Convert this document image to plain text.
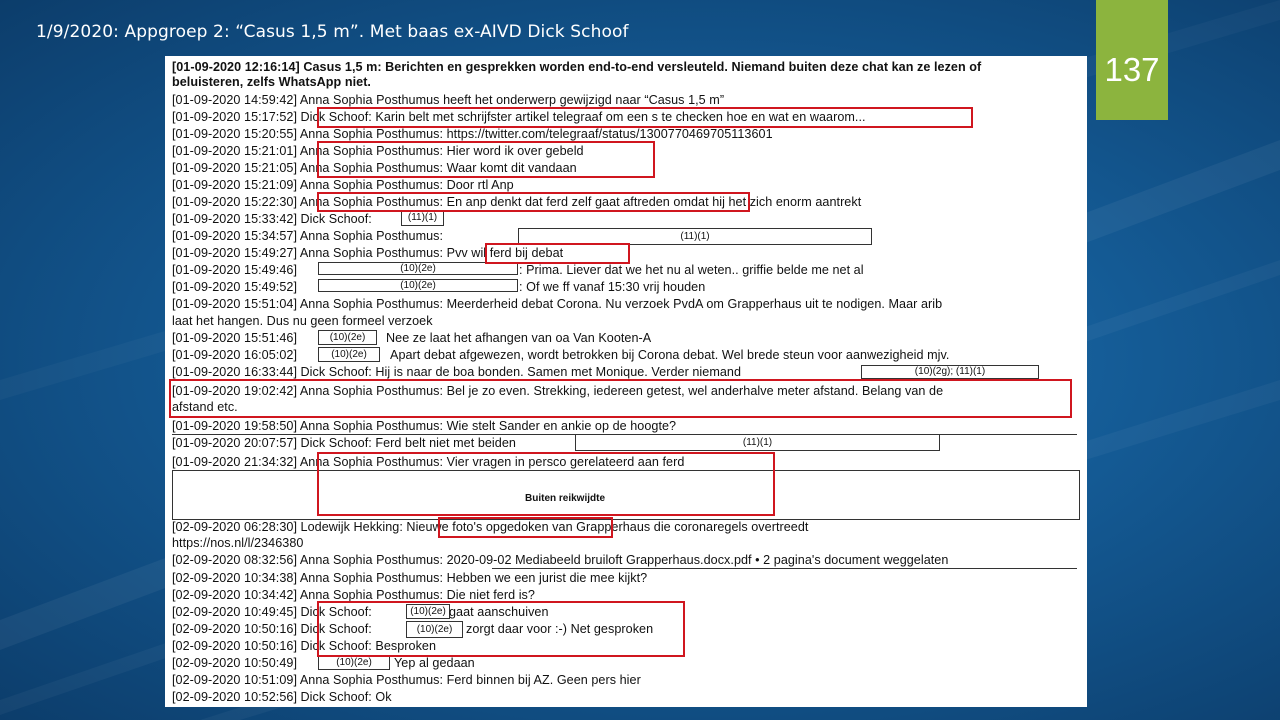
1/9/2020: Appgroep 2: “Casus 1,5 m”. Met baas ex-AIVD Dick Schoof
137
[01-09-2020 12:16:14] Casus 1,5 m: Berichten en gesprekken worden end-to-end versleuteld. Niemand buiten deze chat kan ze lezen of
beluisteren, zelfs WhatsApp niet.
[01-09-2020 14:59:42] Anna Sophia Posthumus heeft het onderwerp gewijzigd naar “Casus 1,5 m”
[01-09-2020 15:17:52] Dick Schoof: Karin belt met schrijfster artikel telegraaf om een s te checken hoe en wat en waarom...
[01-09-2020 15:20:55] Anna Sophia Posthumus: https://twitter.com/telegraaf/status/1300770469705113601
[01-09-2020 15:21:01] Anna Sophia Posthumus: Hier word ik over gebeld
[01-09-2020 15:21:05] Anna Sophia Posthumus: Waar komt dit vandaan
[01-09-2020 15:21:09] Anna Sophia Posthumus: Door rtl Anp
[01-09-2020 15:22:30] Anna Sophia Posthumus: En anp denkt dat ferd zelf gaat aftreden omdat hij het zich enorm aantrekt
[01-09-2020 15:33:42] Dick Schoof:	(11)(1)
[01-09-2020 15:34:57] Anna Sophia Posthumus:	(11)(1)
[01-09-2020 15:49:27] Anna Sophia Posthumus: Pvv wil ferd bij debat
[01-09-2020 15:49:46]	(10)(2e)	: Prima. Liever dat we het nu al weten.. griffie belde me net al
[01-09-2020 15:49:52]	(10)(2e)	: Of we ff vanaf 15:30 vrij houden
[01-09-2020 15:51:04] Anna Sophia Posthumus: Meerderheid debat Corona. Nu verzoek PvdA om Grapperhaus uit te nodigen. Maar arib
laat het hangen. Dus nu geen formeel verzoek
[01-09-2020 15:51:46]	(10)(2e)	Nee ze laat het afhangen van oa Van Kooten-A
[01-09-2020 16:05:02]	(10)(2e)	Apart debat afgewezen, wordt betrokken bij Corona debat. Wel brede steun voor aanwezigheid mjv.
[01-09-2020 16:33:44] Dick Schoof: Hij is naar de boa bonden. Samen met Monique. Verder niemand	(10)(2g); (11)(1)
[01-09-2020 19:02:42] Anna Sophia Posthumus: Bel je zo even. Strekking, iedereen getest, wel anderhalve meter afstand. Belang van de
afstand etc.
[01-09-2020 19:58:50] Anna Sophia Posthumus: Wie stelt Sander en ankie op de hoogte?
[01-09-2020 20:07:57] Dick Schoof: Ferd belt niet met beiden	(11)(1)
[01-09-2020 21:34:32] Anna Sophia Posthumus: Vier vragen in persco gerelateerd aan ferd
Buiten reikwijdte
[02-09-2020 06:28:30] Lodewijk Hekking: Nieuwe foto's opgedoken van Grapperhaus die coronaregels overtreedt
https://nos.nl/l/2346380
[02-09-2020 08:32:56] Anna Sophia Posthumus: 2020-09-02 Mediabeeld bruiloft Grapperhaus.docx.pdf • 2 pagina's document weggelaten
[02-09-2020 10:34:38] Anna Sophia Posthumus: Hebben we een jurist die mee kijkt?
[02-09-2020 10:34:42] Anna Sophia Posthumus: Die niet ferd is?
[02-09-2020 10:49:45] Dick Schoof:	(10)(2e) gaat aanschuiven
[02-09-2020 10:50:16] Dick Schoof:	(10)(2e)	zorgt daar voor :-) Net gesproken
[02-09-2020 10:50:16] Dick Schoof: Besproken
[02-09-2020 10:50:49]	(10)(2e)	Yep al gedaan
[02-09-2020 10:51:09] Anna Sophia Posthumus: Ferd binnen bij AZ. Geen pers hier
[02-09-2020 10:52:56] Dick Schoof: Ok
